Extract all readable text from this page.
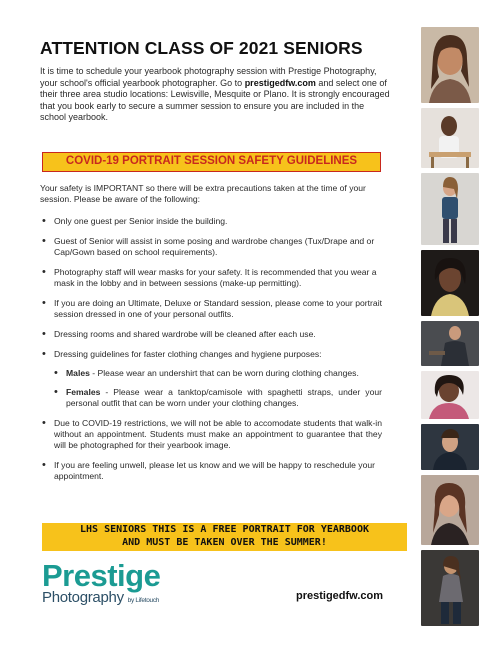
ATTENTION CLASS OF 2021 SENIORS
It is time to schedule your yearbook photography session with Prestige Photography, your school's official yearbook photographer. Go to prestigedfw.com and select one of their three area studio locations: Lewisville, Mesquite or Plano. It is strongly encouraged that you book early to secure a summer session to ensure you are included in the school yearbook.
COVID-19 PORTRAIT SESSION SAFETY GUIDELINES
Your safety is IMPORTANT so there will be extra precautions taken at the time of your session. Please be aware of the following:
• Only one guest per Senior inside the building.
• Guest of Senior will assist in some posing and wardrobe changes (Tux/Drape and or Cap/Gown based on school requirements).
• Photography staff will wear masks for your safety. It is recommended that you wear a mask in the lobby and in between sessions (make-up permitting).
• If you are doing an Ultimate, Deluxe or Standard session, please come to your portrait session dressed in one of your personal outfits.
• Dressing rooms and shared wardrobe will be cleaned after each use.
• Dressing guidelines for faster clothing changes and hygiene purposes:
• Males - Please wear an undershirt that can be worn during clothing changes.
• Females - Please wear a tanktop/camisole with spaghetti straps, under your personal outfit that can be worn under your clothing changes.
• Due to COVID-19 restrictions, we will not be able to accomodate students that walk-in without an appointment. Students must make an appointment to guarantee that they will be photographed for their yearbook image.
• If you are feeling unwell, please let us know and we will be happy to reschedule your appointment.
LHS SENIORS THIS IS A FREE PORTRAIT FOR YEARBOOK
AND MUST BE TAKEN OVER THE SUMMER!
Prestige
Photography by Lifetouch	prestigedfw.com
